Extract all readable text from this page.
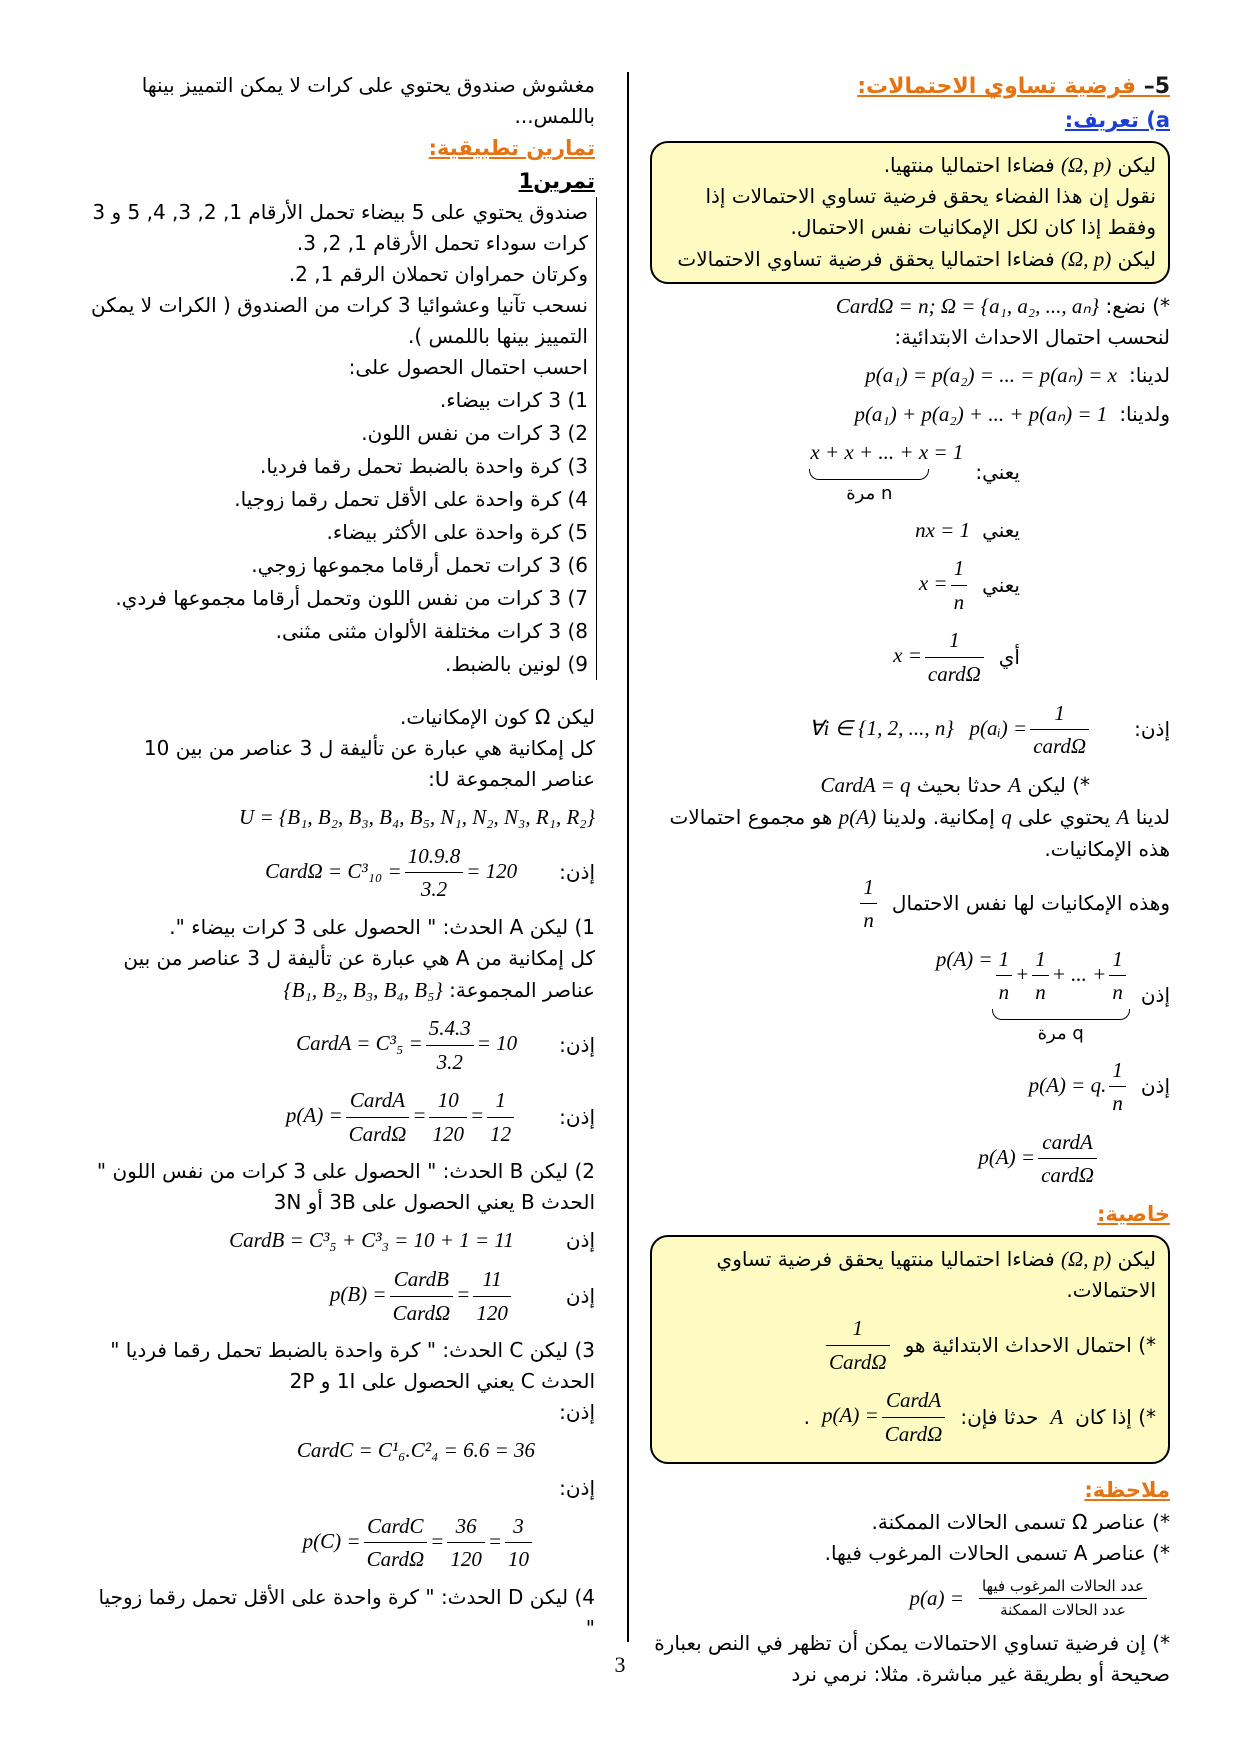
5– فرضية تساوي الاحتمالات:
a) تعريف:
ليكن (Ω, p) فضاءا احتماليا منتهيا.
نقول إن هذا الفضاء يحقق فرضية تساوي الاحتمالات إذا وفقط إذا كان لكل الإمكانيات نفس الاحتمال.
ليكن (Ω, p) فضاءا احتماليا يحقق فرضية تساوي الاحتمالات
*) نضع: CardΩ = n; Ω = {a₁, a₂, ..., aₙ}
لنحسب احتمال الاحداث الابتدائية:
لدينا:
p(a₁) = p(a₂) = ... = p(aₙ) = x
ولدينا:
p(a₁) + p(a₂) + ... + p(aₙ) = 1
يعني:
x + x + ... + x
n مرة
= 1
يعني
nx = 1
يعني
$x = \frac{1}{n}$
أي
$x = \frac{1}{\text{cardΩ}}$
إذن:
∀i ∈ {1, 2, ..., n} p(aᵢ) = $\frac{1}{\text{cardΩ}}$
*) ليكن A حدثا بحيث CardA = q
لدينا A يحتوي على q إمكانية. ولدينا p(A) هو مجموع احتمالات هذه الإمكانيات.
وهذه الإمكانيات لها نفس الاحتمال
$\frac{1}{n}$
إذن
$p(A) = \frac{1}{n} + \frac{1}{n}$ + ... + $\frac{1}{n}$
q مرة
إذن
p(A) = q. $\frac{1}{n}$
$p(A) = \frac{\text{cardA}}{\text{cardΩ}}$
خاصية:
ليكن (Ω, p) فضاءا احتماليا منتهيا يحقق فرضية تساوي الاحتمالات.
*) احتمال الاحداث الابتدائية هو
$\frac{1}{\text{CardΩ}}$
*) إذا كان
A
حدثا فإن:
$p(A) = \frac{\text{CardA}}{\text{CardΩ}}$
.
ملاحظة:
*) عناصر Ω تسمى الحالات الممكنة.
*) عناصر A تسمى الحالات المرغوب فيها.
$\frac{\text{عدد الحالات المرغوب فيها}}{\text{عدد الحالات الممكنة}}$
p(a) =
*) إن فرضية تساوي الاحتمالات يمكن أن تظهر في النص بعبارة صحيحة أو بطريقة غير مباشرة. مثلا: نرمي نرد
مغشوش صندوق يحتوي على كرات لا يمكن التمييز بينها باللمس...
تمارين تطبيقية:
تمرين1
صندوق يحتوي على 5 بيضاء تحمل الأرقام 1, 2, 3, 4, 5 و 3 كرات سوداء تحمل الأرقام 1, 2, 3.
وكرتان حمراوان تحملان الرقم 1, 2.
نسحب تآنيا وعشوائيا 3 كرات من الصندوق ( الكرات لا يمكن التمييز بينها باللمس ).
احسب احتمال الحصول على:
1) 3 كرات بيضاء.
2) 3 كرات من نفس اللون.
3) كرة واحدة بالضبط تحمل رقما فرديا.
4) كرة واحدة على الأقل تحمل رقما زوجيا.
5) كرة واحدة على الأكثر بيضاء.
6) 3 كرات تحمل أرقاما مجموعها زوجي.
7) 3 كرات من نفس اللون وتحمل أرقاما مجموعها فردي.
8) 3 كرات مختلفة الألوان مثنى مثنى.
9) لونين بالضبط.
ليكن Ω كون الإمكانيات.
كل إمكانية هي عبارة عن تأليفة ل 3 عناصر من بين 10 عناصر المجموعة U:
U = {B₁, B₂, B₃, B₄, B₅, N₁, N₂, N₃, R₁, R₂}
إذن:
CardΩ = $C^3_{10} = \frac{10.9.8}{3.2} = 120$
1) ليكن A الحدث: " الحصول على 3 كرات بيضاء ".
كل إمكانية من A هي عبارة عن تأليفة ل 3 عناصر من بين عناصر المجموعة: {B₁, B₂, B₃, B₄, B₅}
إذن:
CardA = $C^3_5 = \frac{5.4.3}{3.2} = 10$
إذن:
$p(A) = \frac{\text{CardA}}{\text{CardΩ}} = \frac{10}{120} = \frac{1}{12}$
2) ليكن B الحدث: " الحصول على 3 كرات من نفس اللون " الحدث B يعني الحصول على 3B أو 3N
إذن
CardB = C³₅ + C³₃ = 10 + 1 = 11
إذن
$p(B) = \frac{\text{CardB}}{\text{CardΩ}} = \frac{11}{120}$
3) ليكن C الحدث: " كرة واحدة بالضبط تحمل رقما فرديا " الحدث C يعني الحصول على 1I و 2P
إذن:
CardC = C¹₆.C²₄ = 6.6 = 36
إذن:
$p(C) = \frac{\text{CardC}}{\text{CardΩ}} = \frac{36}{120} = \frac{3}{10}$
4) ليكن D الحدث: " كرة واحدة على الأقل تحمل رقما زوجيا "
3
